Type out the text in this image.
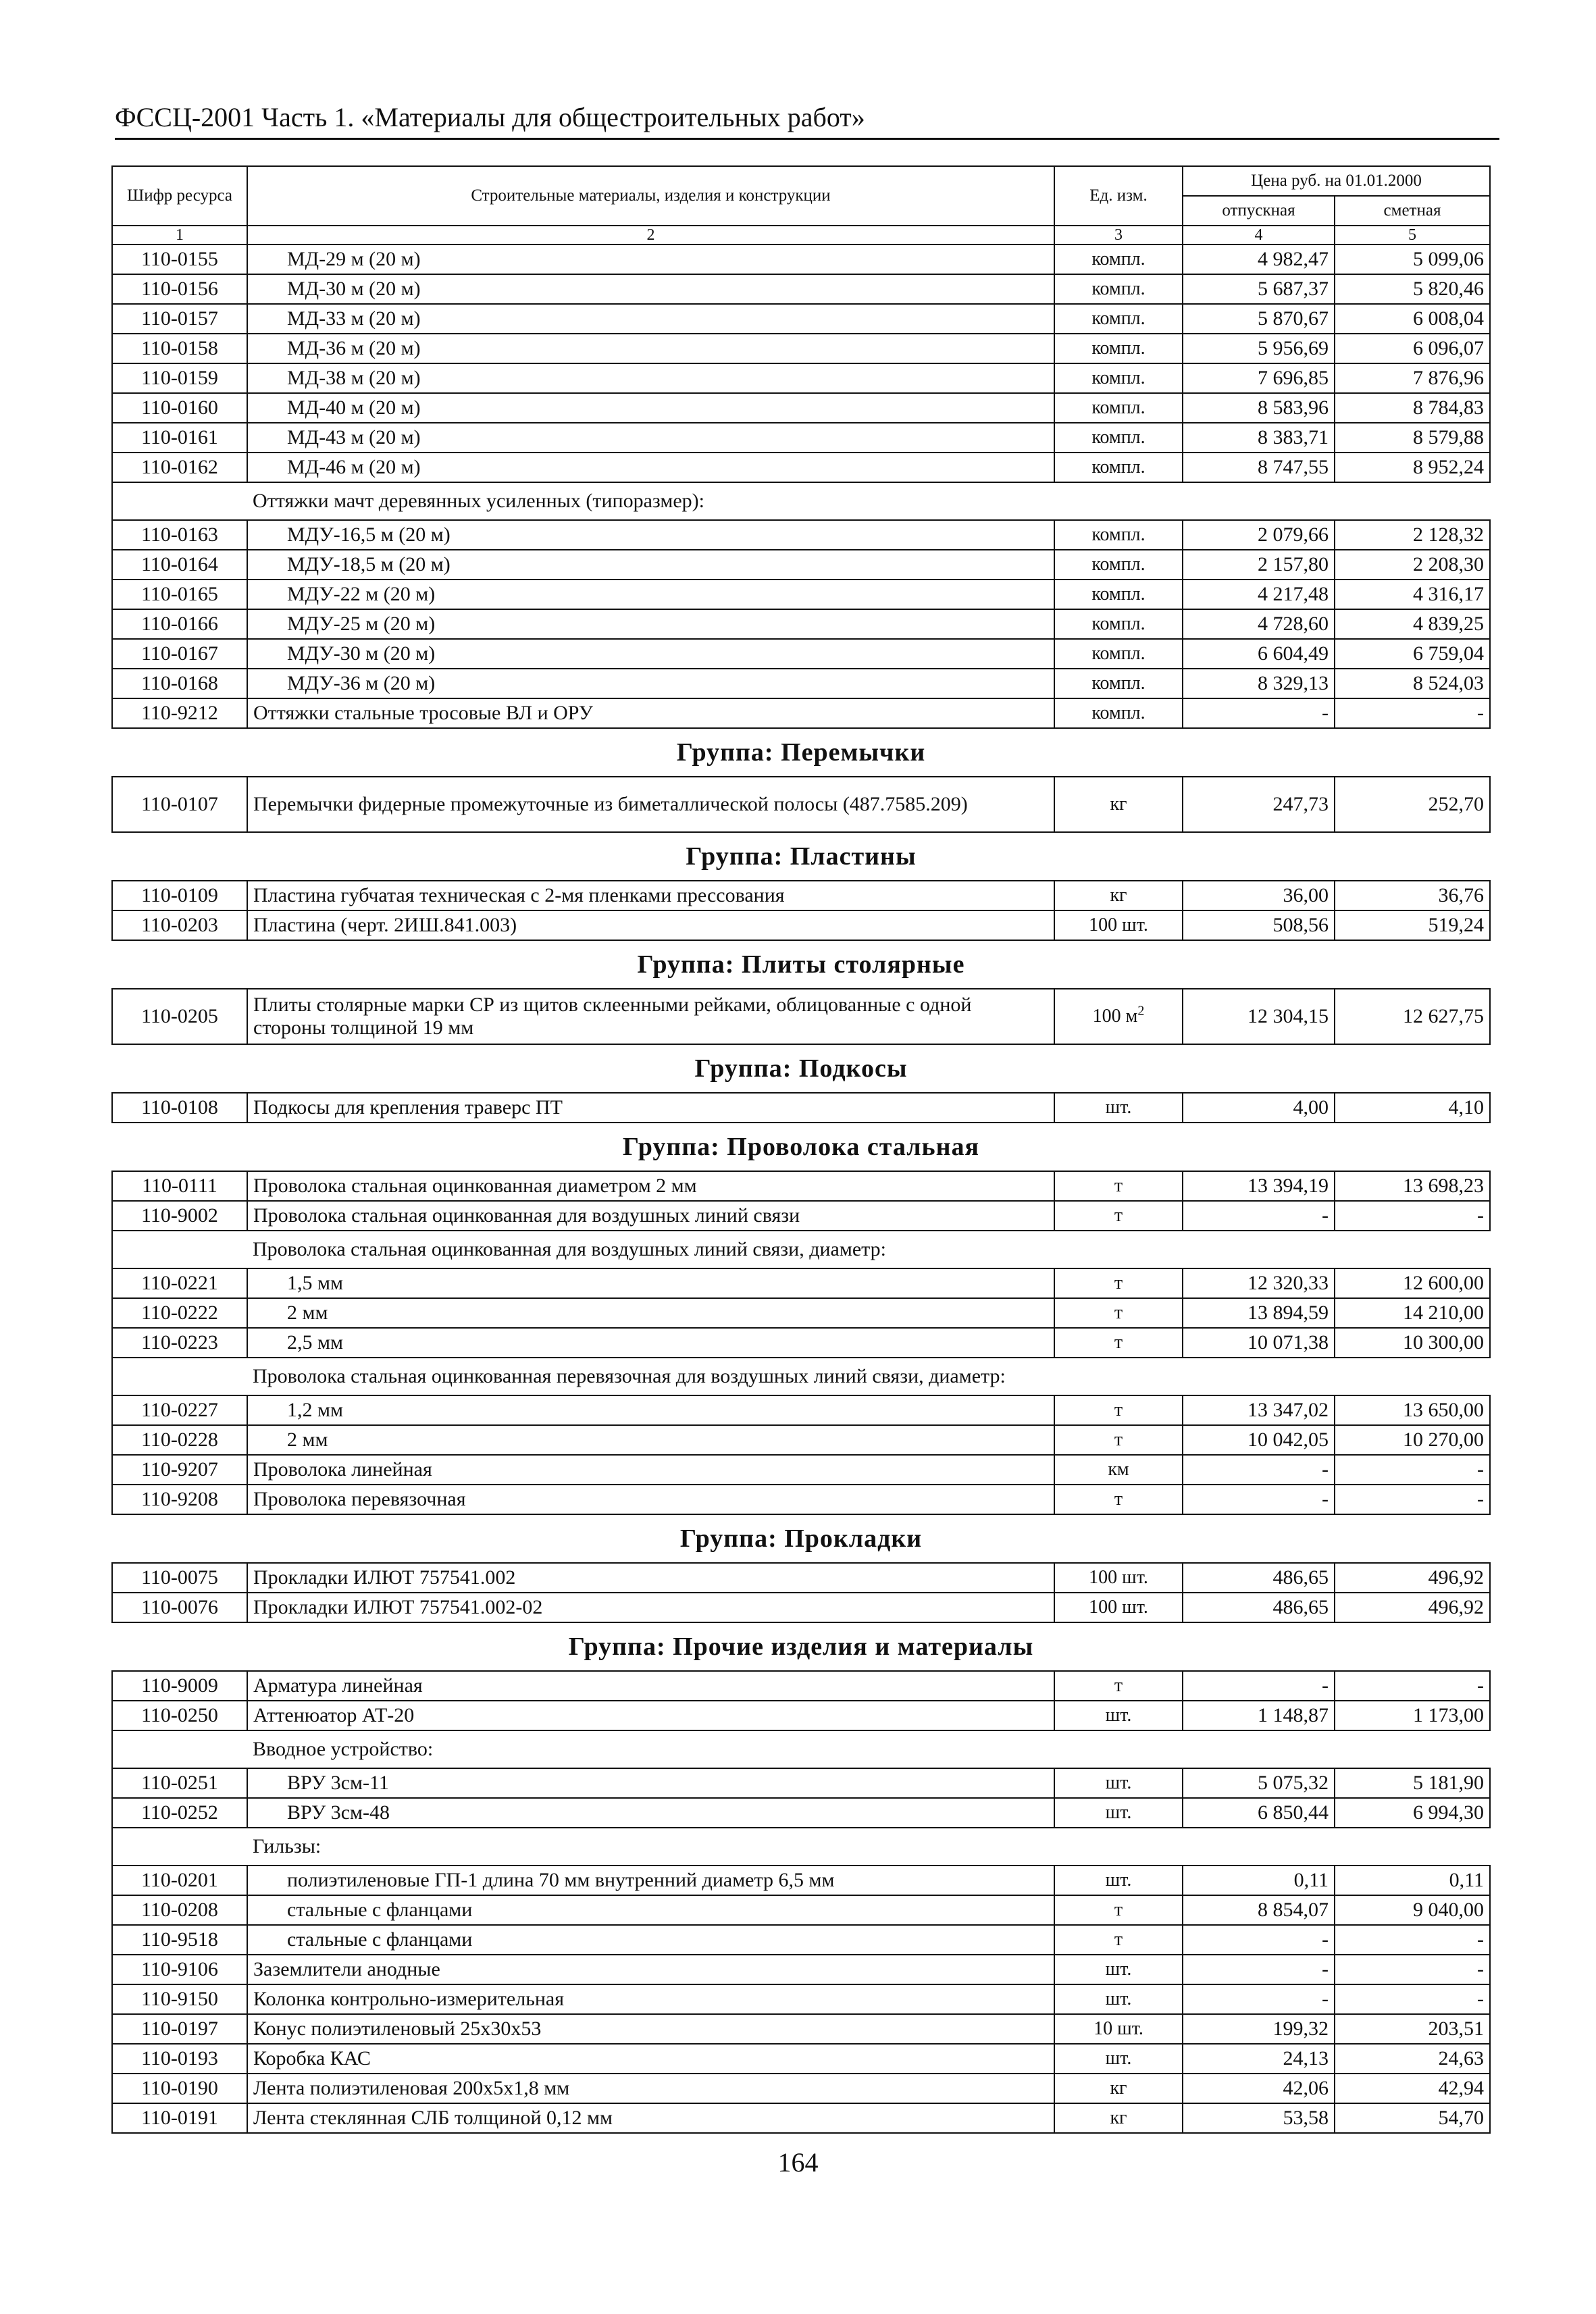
ФССЦ-2001 Часть 1. «Материалы для общестроительных работ»
Шифр ресурса	Строительные материалы, изделия и конструкции	Ед. изм.	Цена руб. на 01.01.2000	
			отпускная	сметная
1	2	3	4	5
110-0155	МД-29 м (20 м)	компл.	4 982,47	5 099,06
110-0156	МД-30 м (20 м)	компл.	5 687,37	5 820,46
110-0157	МД-33 м (20 м)	компл.	5 870,67	6 008,04
110-0158	МД-36 м (20 м)	компл.	5 956,69	6 096,07
110-0159	МД-38 м (20 м)	компл.	7 696,85	7 876,96
110-0160	МД-40 м (20 м)	компл.	8 583,96	8 784,83
110-0161	МД-43 м (20 м)	компл.	8 383,71	8 579,88
110-0162	МД-46 м (20 м)	компл.	8 747,55	8 952,24
	Оттяжки мачт деревянных усиленных (типоразмер):			
110-0163	МДУ-16,5 м (20 м)	компл.	2 079,66	2 128,32
110-0164	МДУ-18,5 м (20 м)	компл.	2 157,80	2 208,30
110-0165	МДУ-22 м (20 м)	компл.	4 217,48	4 316,17
110-0166	МДУ-25 м (20 м)	компл.	4 728,60	4 839,25
110-0167	МДУ-30 м (20 м)	компл.	6 604,49	6 759,04
110-0168	МДУ-36 м (20 м)	компл.	8 329,13	8 524,03
110-9212	Оттяжки стальные тросовые ВЛ и ОРУ	компл.	-	-
Группа: Перемычки				
110-0107	Перемычки фидерные промежуточные из биметаллической полосы (487.7585.209)	кг	247,73	252,70
Группа: Пластины				
110-0109	Пластина губчатая техническая с 2-мя пленками прессования	кг	36,00	36,76
110-0203	Пластина (черт. 2ИШ.841.003)	100 шт.	508,56	519,24
Группа: Плиты столярные				
110-0205	Плиты столярные марки СР из щитов склеенными рейками, облицованные с одной стороны толщиной 19 мм	100 $м^2$	12 304,15	12 627,75
Группа: Подкосы				
110-0108	Подкосы для крепления траверс ПТ	шт.	4,00	4,10
Группа: Проволока стальная				
110-0111	Проволока стальная оцинкованная диаметром 2 мм	т	13 394,19	13 698,23
110-9002	Проволока стальная оцинкованная для воздушных линий связи	т	-	-
	Проволока стальная оцинкованная для воздушных линий связи, диаметр:			
110-0221	1,5 мм	т	12 320,33	12 600,00
110-0222	2 мм	т	13 894,59	14 210,00
110-0223	2,5 мм	т	10 071,38	10 300,00
	Проволока стальная оцинкованная перевязочная для воздушных линий связи, диаметр:			
110-0227	1,2 мм	т	13 347,02	13 650,00
110-0228	2 мм	т	10 042,05	10 270,00
110-9207	Проволока линейная	км	-	-
110-9208	Проволока перевязочная	т	-	-
Группа: Прокладки				
110-0075	Прокладки ИЛЮТ 757541.002	100 шт.	486,65	496,92
110-0076	Прокладки ИЛЮТ 757541.002-02	100 шт.	486,65	496,92
Группа: Прочие изделия и материалы				
110-9009	Арматура линейная	т	-	-
110-0250	Аттенюатор АТ-20	шт.	1 148,87	1 173,00
	Вводное устройство:			
110-0251	ВРУ 3см-11	шт.	5 075,32	5 181,90
110-0252	ВРУ 3см-48	шт.	6 850,44	6 994,30
	Гильзы:			
110-0201	полиэтиленовые ГП-1 длина 70 мм внутренний диаметр 6,5 мм	шт.	0,11	0,11
110-0208	стальные с фланцами	т	8 854,07	9 040,00
110-9518	стальные с фланцами	т	-	-
110-9106	Заземлители анодные	шт.	-	-
110-9150	Колонка контрольно-измерительная	шт.	-	-
110-0197	Конус полиэтиленовый 25х30х53	10 шт.	199,32	203,51
110-0193	Коробка КАС	шт.	24,13	24,63
110-0190	Лента полиэтиленовая 200х5х1,8 мм	кг	42,06	42,94
110-0191	Лента стеклянная СЛБ толщиной 0,12 мм	кг	53,58	54,70
164
